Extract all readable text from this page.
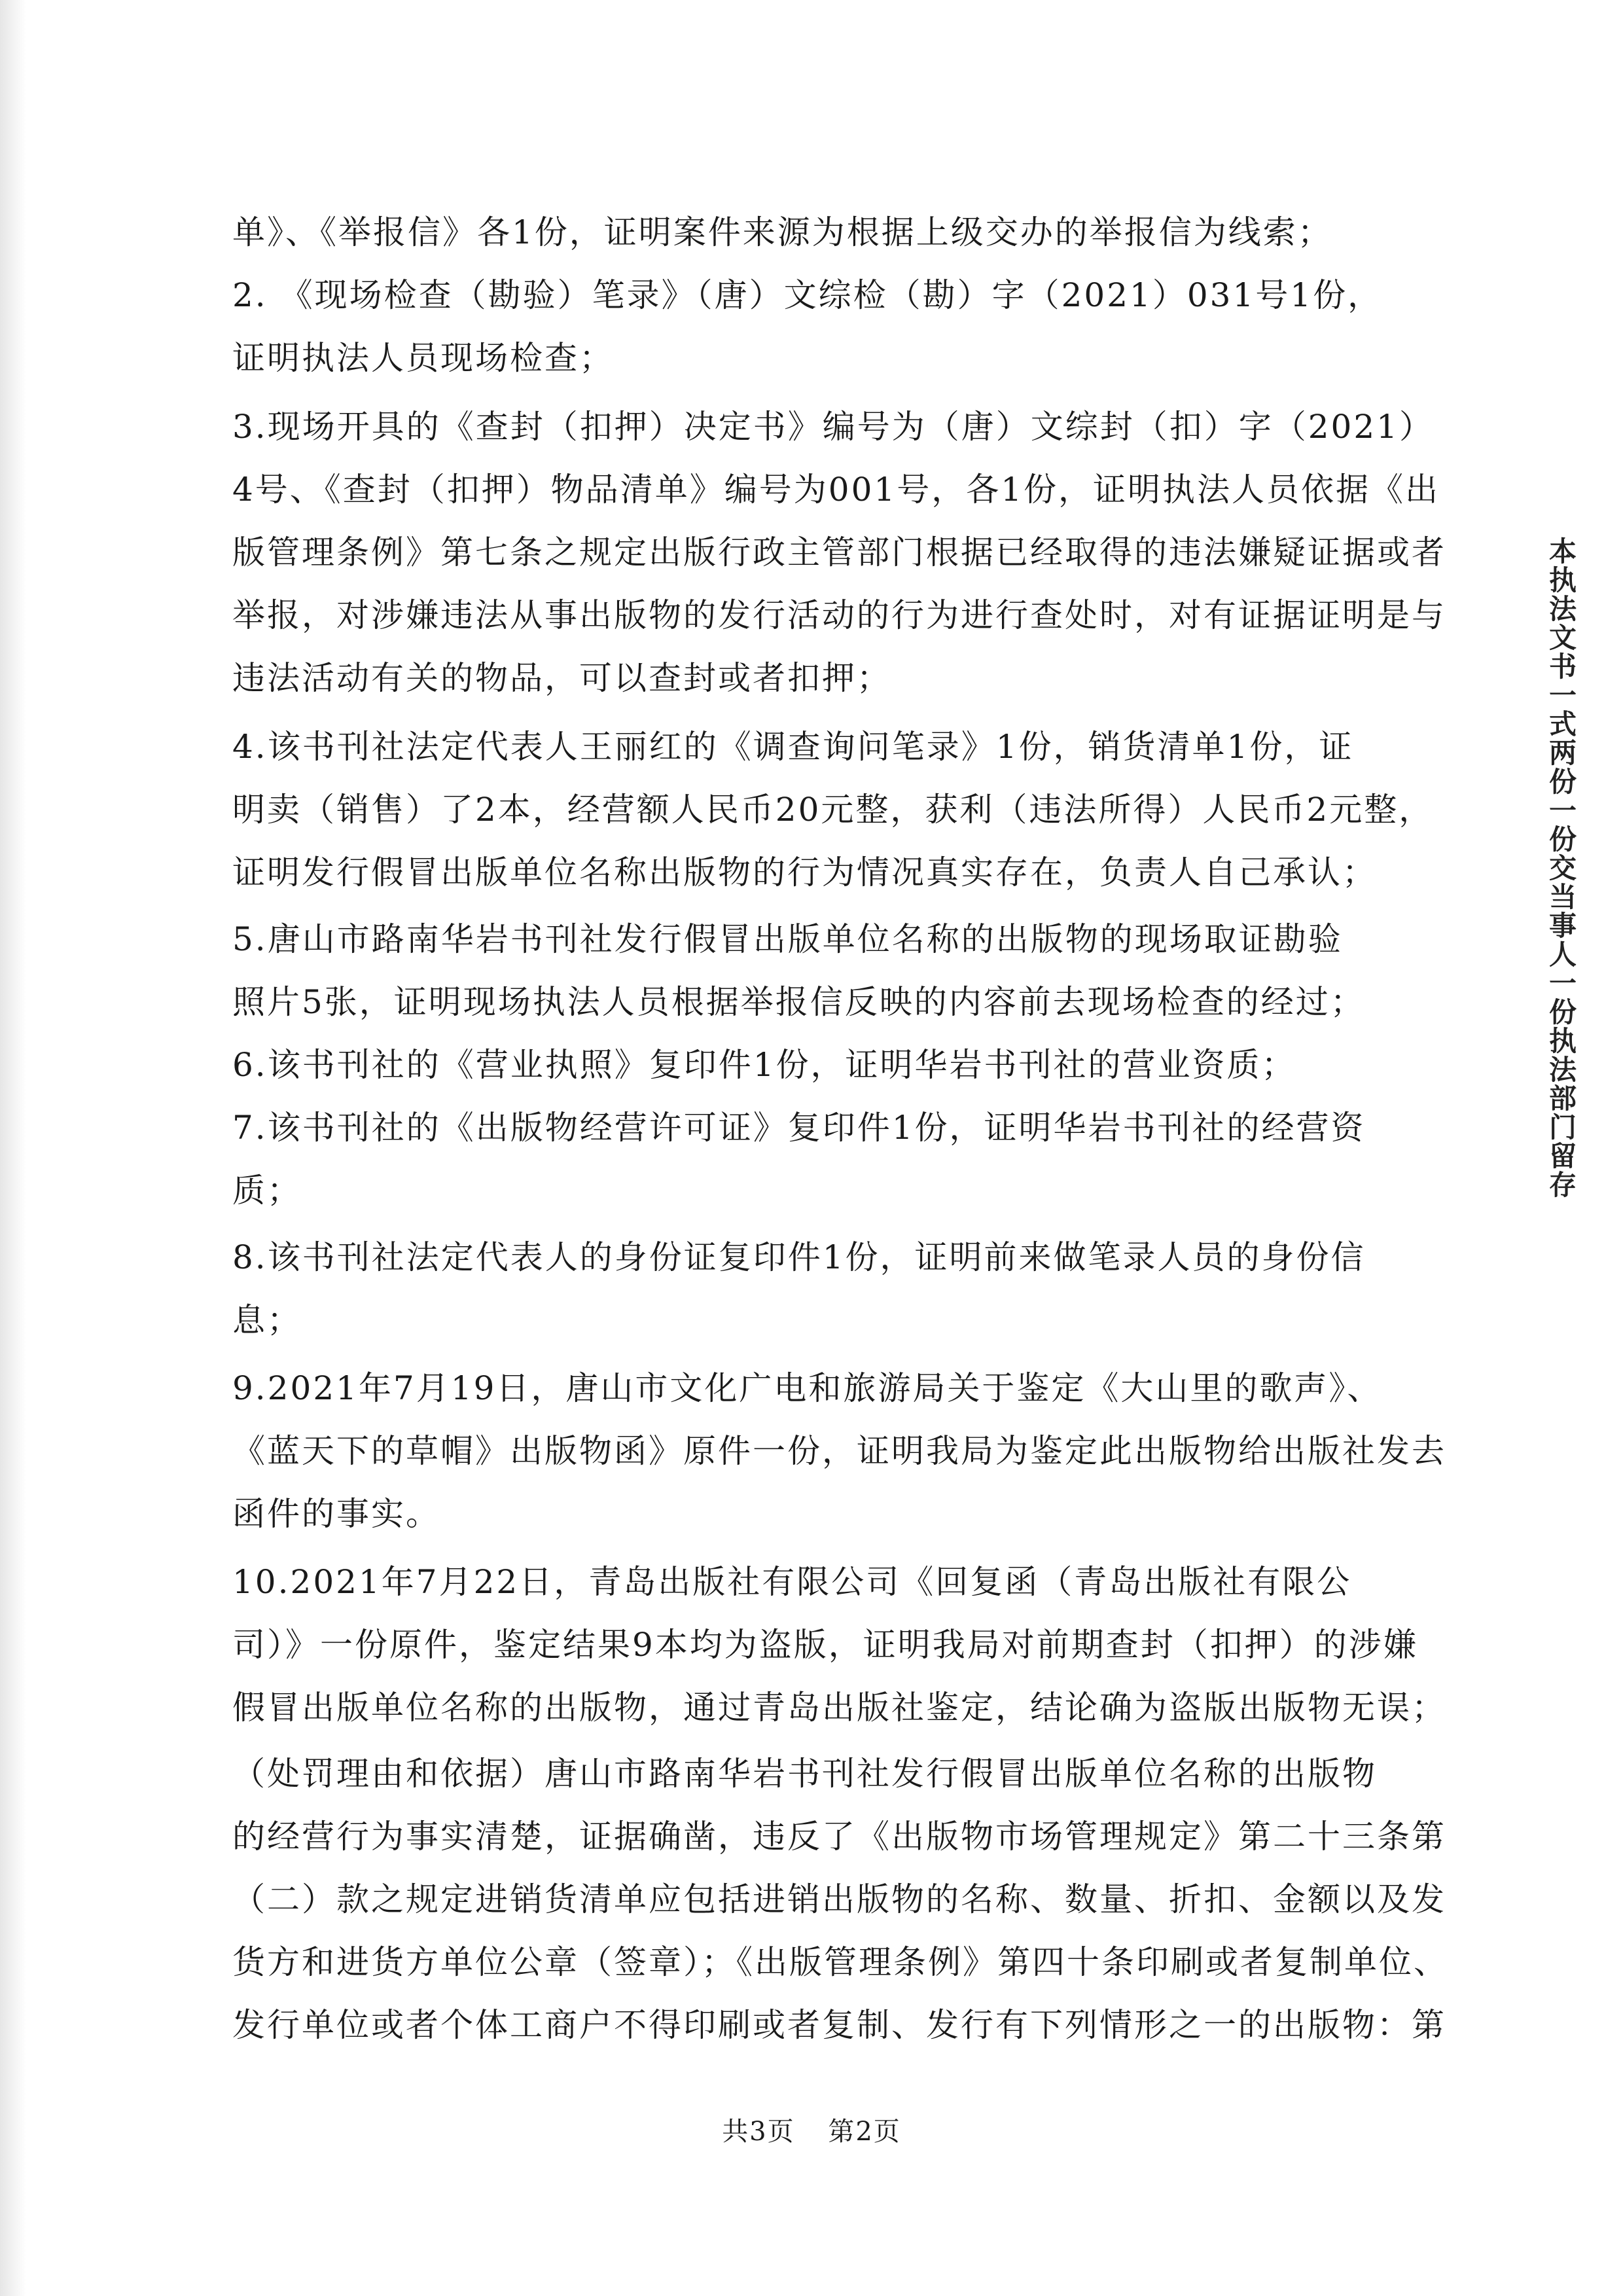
单》、《举报信》各1份，证明案件来源为根据上级交办的举报信为线索；
2. 《现场检查（勘验）笔录》（唐）文综检（勘）字（2021）031号1份，
证明执法人员现场检查；
3.现场开具的《查封（扣押）决定书》编号为（唐）文综封（扣）字（2021）
4号、《查封（扣押）物品清单》编号为001号，各1份，证明执法人员依据《出
版管理条例》第七条之规定出版行政主管部门根据已经取得的违法嫌疑证据或者
举报，对涉嫌违法从事出版物的发行活动的行为进行查处时，对有证据证明是与
违法活动有关的物品，可以查封或者扣押；
4.该书刊社法定代表人王丽红的《调查询问笔录》1份，销货清单1份，证
明卖（销售）了2本，经营额人民币20元整，获利（违法所得）人民币2元整，
证明发行假冒出版单位名称出版物的行为情况真实存在，负责人自己承认；
5.唐山市路南华岩书刊社发行假冒出版单位名称的出版物的现场取证勘验
照片5张，证明现场执法人员根据举报信反映的内容前去现场检查的经过；
6.该书刊社的《营业执照》复印件1份，证明华岩书刊社的营业资质；
7.该书刊社的《出版物经营许可证》复印件1份，证明华岩书刊社的经营资
质；
8.该书刊社法定代表人的身份证复印件1份，证明前来做笔录人员的身份信
息；
9.2021年7月19日，唐山市文化广电和旅游局关于鉴定《大山里的歌声》、
《蓝天下的草帽》出版物函》原件一份，证明我局为鉴定此出版物给出版社发去
函件的事实。
10.2021年7月22日，青岛出版社有限公司《回复函（青岛出版社有限公
司）》一份原件，鉴定结果9本均为盗版，证明我局对前期查封（扣押）的涉嫌
假冒出版单位名称的出版物，通过青岛出版社鉴定，结论确为盗版出版物无误；
（处罚理由和依据）唐山市路南华岩书刊社发行假冒出版单位名称的出版物
的经营行为事实清楚，证据确凿，违反了《出版物市场管理规定》第二十三条第
（二）款之规定进销货清单应包括进销出版物的名称、数量、折扣、金额以及发
货方和进货方单位公章（签章）；《出版管理条例》第四十条印刷或者复制单位、
发行单位或者个体工商户不得印刷或者复制、发行有下列情形之一的出版物：第
共3页 第2页
本执法文书一式两份一份交当事人一份执法部门留存
